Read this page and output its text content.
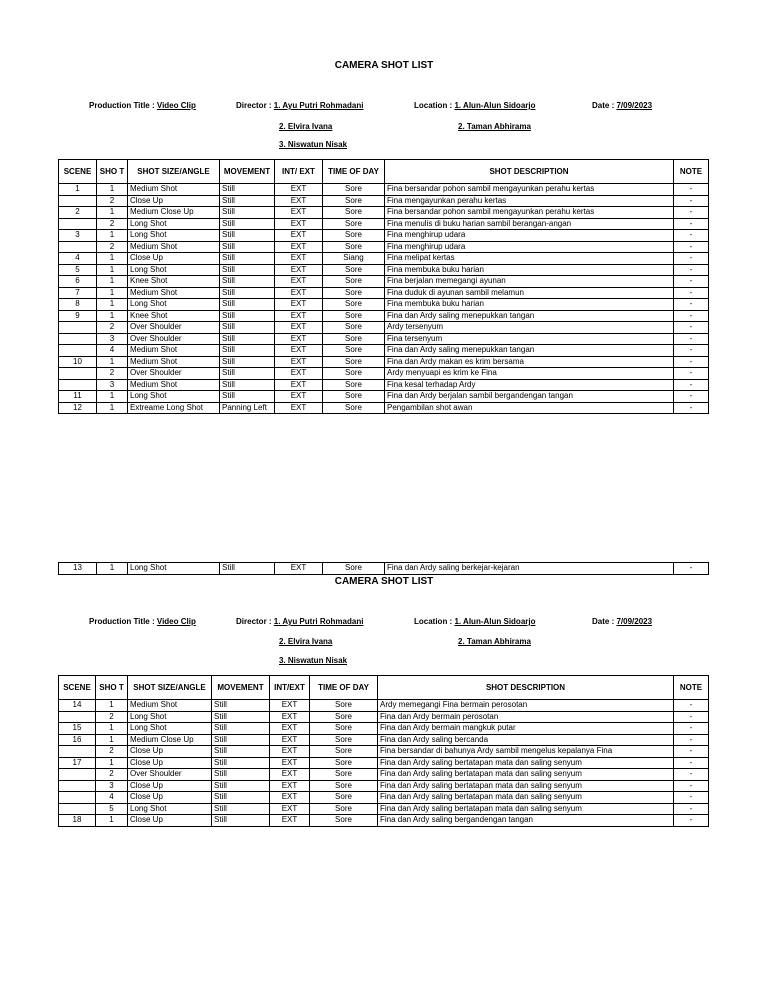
CAMERA SHOT LIST
Production Title : Video Clip	Director : 1. Ayu Putri Rohmadani
2. Elvira Ivana
3. Niswatun Nisak
Location : 1. Alun-Alun Sidoarjo
2. Taman Abhirama
Date : 7/09/2023
SCENE	SHO T	SHOT SIZE/ANGLE	MOVEMENT	INT/ EXT	TIME OF DAY	SHOT DESCRIPTION	NOTE
1	1	Medium Shot	Still	EXT	Sore	Fina bersandar pohon sambil mengayunkan perahu kertas	-
	2	Close Up	Still	EXT	Sore	Fina mengayunkan perahu kertas	-
2	1	Medium Close Up	Still	EXT	Sore	Fina bersandar pohon sambil mengayunkan perahu kertas	-
	2	Long Shot	Still	EXT	Sore	Fina menulis di buku harian sambil berangan-angan	-
3	1	Long Shot	Still	EXT	Sore	Fina menghirup udara	-
	2	Medium Shot	Still	EXT	Sore	Fina menghirup udara	-
4	1	Close Up	Still	EXT	Siang	Fina melipat kertas	-
5	1	Long Shot	Still	EXT	Sore	Fina membuka buku harian	-
6	1	Knee Shot	Still	EXT	Sore	Fina berjalan memegangi ayunan	-
7	1	Medium Shot	Still	EXT	Sore	Fina duduk di ayunan sambil melamun	-
8	1	Long Shot	Still	EXT	Sore	Fina membuka buku harian	-
9	1	Knee Shot	Still	EXT	Sore	Fina dan Ardy saling menepukkan tangan	-
	2	Over Shoulder	Still	EXT	Sore	Ardy tersenyum	-
	3	Over Shoulder	Still	EXT	Sore	Fina tersenyum	-
	4	Medium Shot	Still	EXT	Sore	Fina dan Ardy saling menepukkan tangan	-
10	1	Medium Shot	Still	EXT	Sore	Fina dan Ardy makan es krim bersama	-
	2	Over Shoulder	Still	EXT	Sore	Ardy menyuapi es krim ke Fina	-
	3	Medium Shot	Still	EXT	Sore	Fina kesal terhadap Ardy	-
11	1	Long Shot	Still	EXT	Sore	Fina dan Ardy berjalan sambil bergandengan tangan	-
12	1	Extreame Long Shot	Panning Left	EXT	Sore	Pengambilan shot awan	-
13	1	Long Shot	Still	EXT	Sore	Fina dan Ardy saling berkejar-kejaran	-
CAMERA SHOT LIST
Production Title : Video Clip	Director : 1. Ayu Putri Rohmadani
2. Elvira Ivana
3. Niswatun Nisak
Location : 1. Alun-Alun Sidoarjo
2. Taman Abhirama
Date : 7/09/2023
SCENE	SHO T	SHOT SIZE/ANGLE	MOVEMENT	INT/EXT	TIME OF DAY	SHOT DESCRIPTION	NOTE
14	1	Medium Shot	Still	EXT	Sore	Ardy memegangi Fina bermain perosotan	-
	2	Long Shot	Still	EXT	Sore	Fina dan Ardy bermain perosotan	-
15	1	Long Shot	Still	EXT	Sore	Fina dan Ardy bermain mangkuk putar	-
16	1	Medium Close Up	Still	EXT	Sore	Fina dan Ardy saling bercanda	-
	2	Close Up	Still	EXT	Sore	Fina bersandar di bahunya Ardy sambil mengelus kepalanya Fina	-
17	1	Close Up	Still	EXT	Sore	Fina dan Ardy saling bertatapan mata dan saling senyum	-
	2	Over Shoulder	Still	EXT	Sore	Fina dan Ardy saling bertatapan mata dan saling senyum	-
	3	Close Up	Still	EXT	Sore	Fina dan Ardy saling bertatapan mata dan saling senyum	-
	4	Close Up	Still	EXT	Sore	Fina dan Ardy saling bertatapan mata dan saling senyum	-
	5	Long Shot	Still	EXT	Sore	Fina dan Ardy saling bertatapan mata dan saling senyum	-
18	1	Close Up	Still	EXT	Sore	Fina dan Ardy saling bergandengan tangan	-
